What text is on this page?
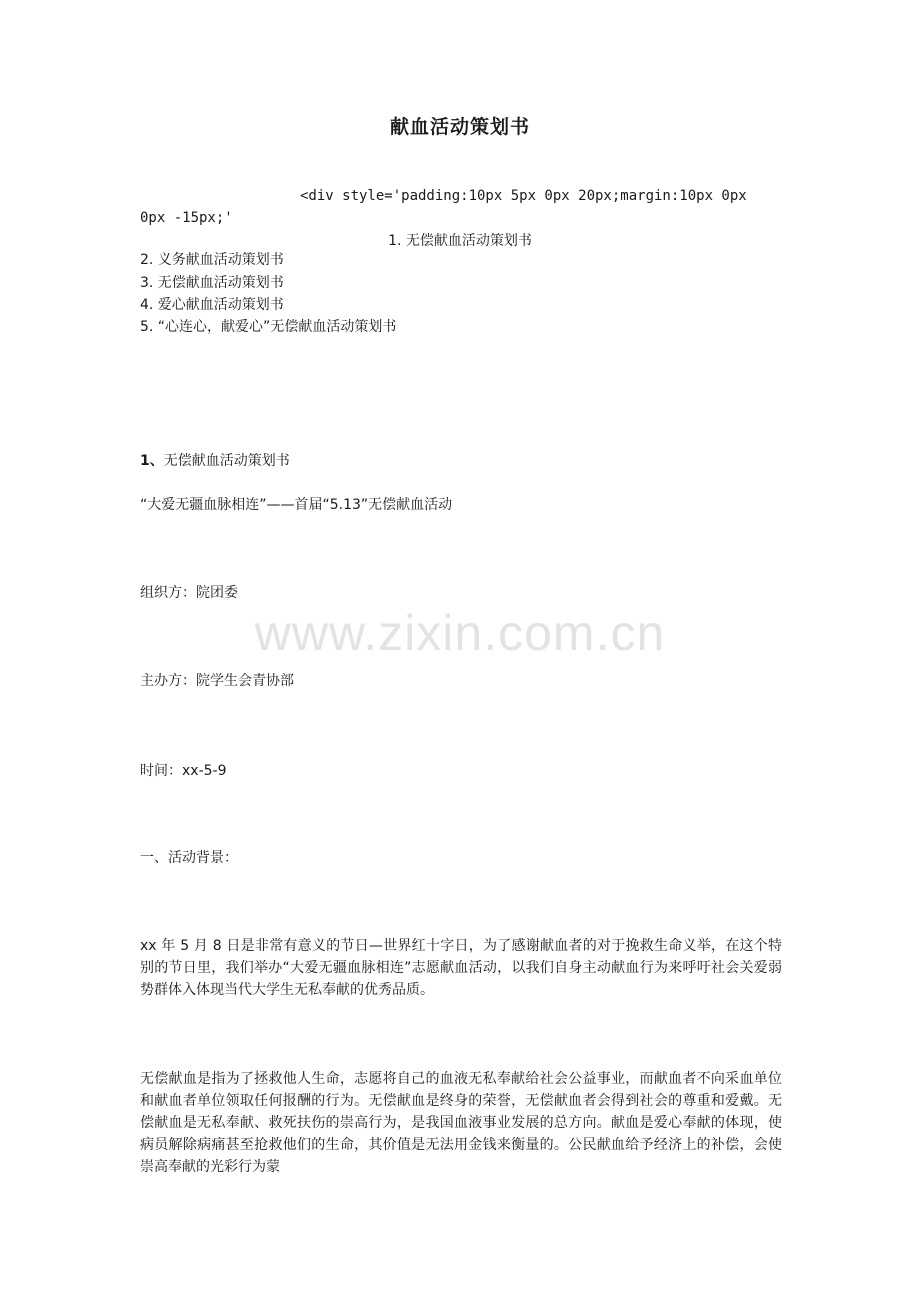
献血活动策划书
<div style='padding:10px 5px 0px 20px;margin:10px 0px
0px -15px;'
1. 无偿献血活动策划书
2. 义务献血活动策划书
3. 无偿献血活动策划书
4. 爱心献血活动策划书
5. “心连心，献爱心”无偿献血活动策划书
1、无偿献血活动策划书
“大爱无疆血脉相连”——首届“5.13”无偿献血活动
组织方：院团委
www.zixin.com.cn
主办方：院学生会青协部
时间：xx-5-9
一、活动背景：
xx 年 5 月 8 日是非常有意义的节日—世界红十字日，为了感谢献血者的对于挽救生命义举，在这个特别的节日里，我们举办“大爱无疆血脉相连”志愿献血活动，以我们自身主动献血行为来呼吁社会关爱弱势群体入体现当代大学生无私奉献的优秀品质。
无偿献血是指为了拯救他人生命，志愿将自己的血液无私奉献给社会公益事业，而献血者不向采血单位和献血者单位领取任何报酬的行为。无偿献血是终身的荣誉，无偿献血者会得到社会的尊重和爱戴。无偿献血是无私奉献、救死扶伤的崇高行为，是我国血液事业发展的总方向。献血是爱心奉献的体现，使病员解除病痛甚至抢救他们的生命，其价值是无法用金钱来衡量的。公民献血给予经济上的补偿，会使崇高奉献的光彩行为蒙
